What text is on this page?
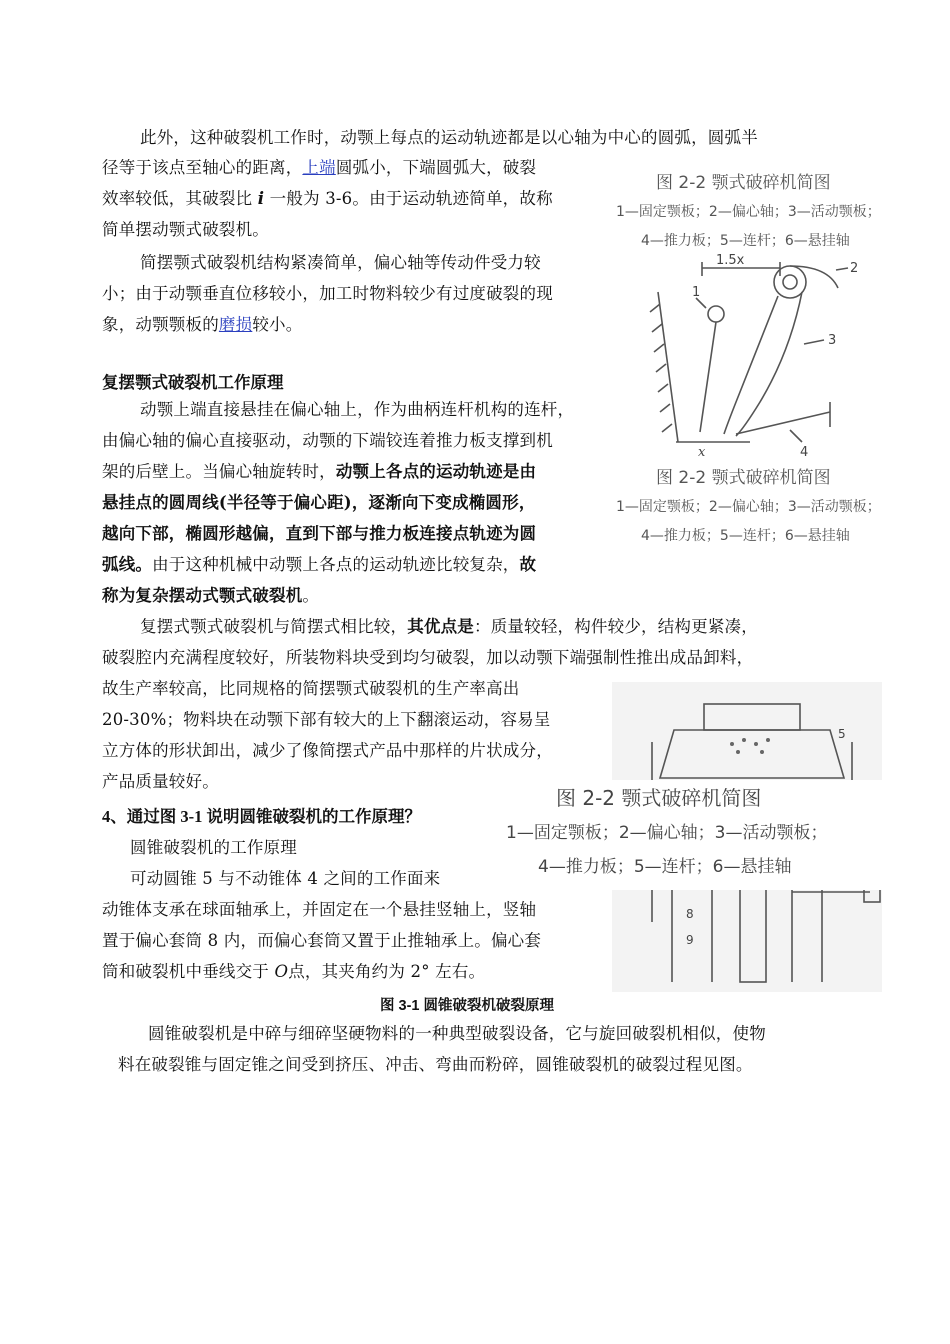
此外，这种破裂机工作时，动颚上每点的运动轨迹都是以心轴为中心的圆弧，圆弧半
径等于该点至轴心的距离，上端圆弧小，下端圆弧大，破裂
效率较低，其破裂比 i 一般为 3-6。由于运动轨迹简单，故称
简单摆动颚式破裂机。
简摆颚式破裂机结构紧凑简单，偏心轴等传动件受力较
小；由于动颚垂直位移较小，加工时物料较少有过度破裂的现
象，动颚颚板的磨损较小。
复摆颚式破裂机工作原理
动颚上端直接悬挂在偏心轴上，作为曲柄连杆机构的连杆，
由偏心轴的偏心直接驱动，动颚的下端铰连着推力板支撑到机
架的后壁上。当偏心轴旋转时，动颚上各点的运动轨迹是由
悬挂点的圆周线(半径等于偏心距)，逐渐向下变成椭圆形，
越向下部，椭圆形越偏，直到下部与推力板连接点轨迹为圆
弧线。由于这种机械中动颚上各点的运动轨迹比较复杂，故
称为复杂摆动式颚式破裂机。
复摆式颚式破裂机与简摆式相比较，其优点是：质量较轻，构件较少，结构更紧凑，
破裂腔内充满程度较好，所装物料块受到均匀破裂，加以动颚下端强制性推出成品卸料，
故生产率较高，比同规格的简摆颚式破裂机的生产率高出
20-30%；物料块在动颚下部有较大的上下翻滚运动，容易呈
立方体的形状卸出，减少了像简摆式产品中那样的片状成分，
产品质量较好。
4、通过图 3-1 说明圆锥破裂机的工作原理？
圆锥破裂机的工作原理
可动圆锥 5 与不动锥体 4 之间的工作面来
动锥体支承在球面轴承上，并固定在一个悬挂竖轴上，竖轴
置于偏心套筒 8 内，而偏心套筒又置于止推轴承上。偏心套
筒和破裂机中垂线交于 O点，其夹角约为 2° 左右。
图 3-1 圆锥破裂机破裂原理
圆锥破裂机是中碎与细碎坚硬物料的一种典型破裂设备，它与旋回破裂机相似，使物
料在破裂锥与固定锥之间受到挤压、冲击、弯曲而粉碎，圆锥破裂机的破裂过程见图。
图 2-2 颚式破碎机简图
1—固定颚板；2—偏心轴；3—活动颚板；
4—推力板；5—连杆；6—悬挂轴
1.5x
2
1
3
4
x
图 2-2 颚式破碎机简图
1—固定颚板；2—偏心轴；3—活动颚板；
4—推力板；5—连杆；6—悬挂轴
5
8
9
图 2-2 颚式破碎机简图
1—固定颚板；2—偏心轴；3—活动颚板；
4—推力板；5—连杆；6—悬挂轴
